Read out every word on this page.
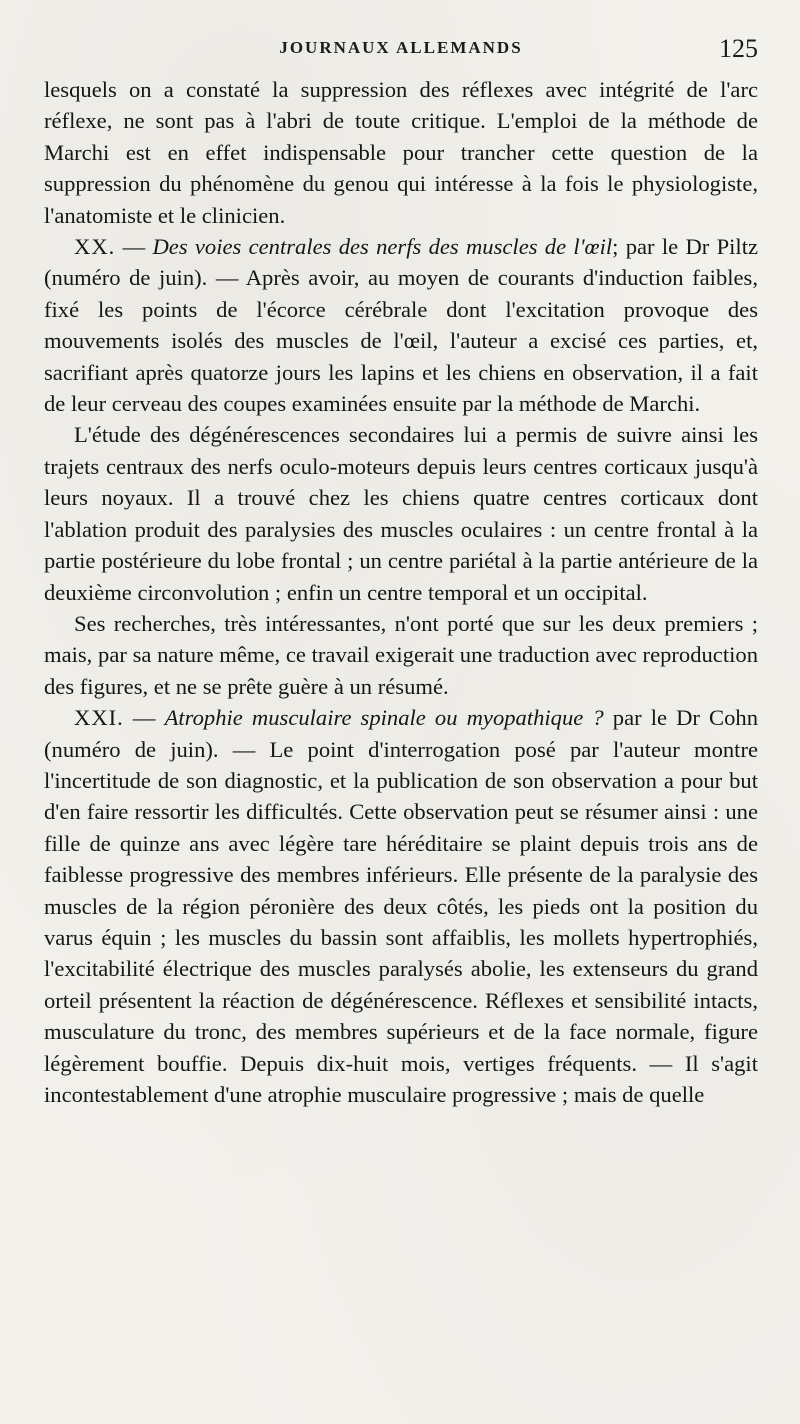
JOURNAUX ALLEMANDS	125

lesquels on a constaté la suppression des réflexes avec intégrité de l'arc réflexe, ne sont pas à l'abri de toute critique. L'emploi de la méthode de Marchi est en effet indispensable pour trancher cette question de la suppression du phénomène du genou qui intéresse à la fois le physiologiste, l'anatomiste et le clinicien.

XX. — Des voies centrales des nerfs des muscles de l'œil; par le Dr Piltz (numéro de juin). — Après avoir, au moyen de courants d'induction faibles, fixé les points de l'écorce cérébrale dont l'excitation provoque des mouvements isolés des muscles de l'œil, l'auteur a excisé ces parties, et, sacrifiant après quatorze jours les lapins et les chiens en observation, il a fait de leur cerveau des coupes examinées ensuite par la méthode de Marchi.

L'étude des dégénérescences secondaires lui a permis de suivre ainsi les trajets centraux des nerfs oculo-moteurs depuis leurs centres corticaux jusqu'à leurs noyaux. Il a trouvé chez les chiens quatre centres corticaux dont l'ablation produit des paralysies des muscles oculaires : un centre frontal à la partie postérieure du lobe frontal ; un centre pariétal à la partie antérieure de la deuxième circonvolution ; enfin un centre temporal et un occipital.

Ses recherches, très intéressantes, n'ont porté que sur les deux premiers ; mais, par sa nature même, ce travail exigerait une traduction avec reproduction des figures, et ne se prête guère à un résumé.

XXI. — Atrophie musculaire spinale ou myopathique ? par le Dr Cohn (numéro de juin). — Le point d'interrogation posé par l'auteur montre l'incertitude de son diagnostic, et la publication de son observation a pour but d'en faire ressortir les difficultés. Cette observation peut se résumer ainsi : une fille de quinze ans avec légère tare héréditaire se plaint depuis trois ans de faiblesse progressive des membres inférieurs. Elle présente de la paralysie des muscles de la région péronière des deux côtés, les pieds ont la position du varus équin ; les muscles du bassin sont affaiblis, les mollets hypertrophiés, l'excitabilité électrique des muscles paralysés abolie, les extenseurs du grand orteil présentent la réaction de dégénérescence. Réflexes et sensibilité intacts, musculature du tronc, des membres supérieurs et de la face normale, figure légèrement bouffie. Depuis dix-huit mois, vertiges fréquents. — Il s'agit incontestablement d'une atrophie musculaire progressive ; mais de quelle
